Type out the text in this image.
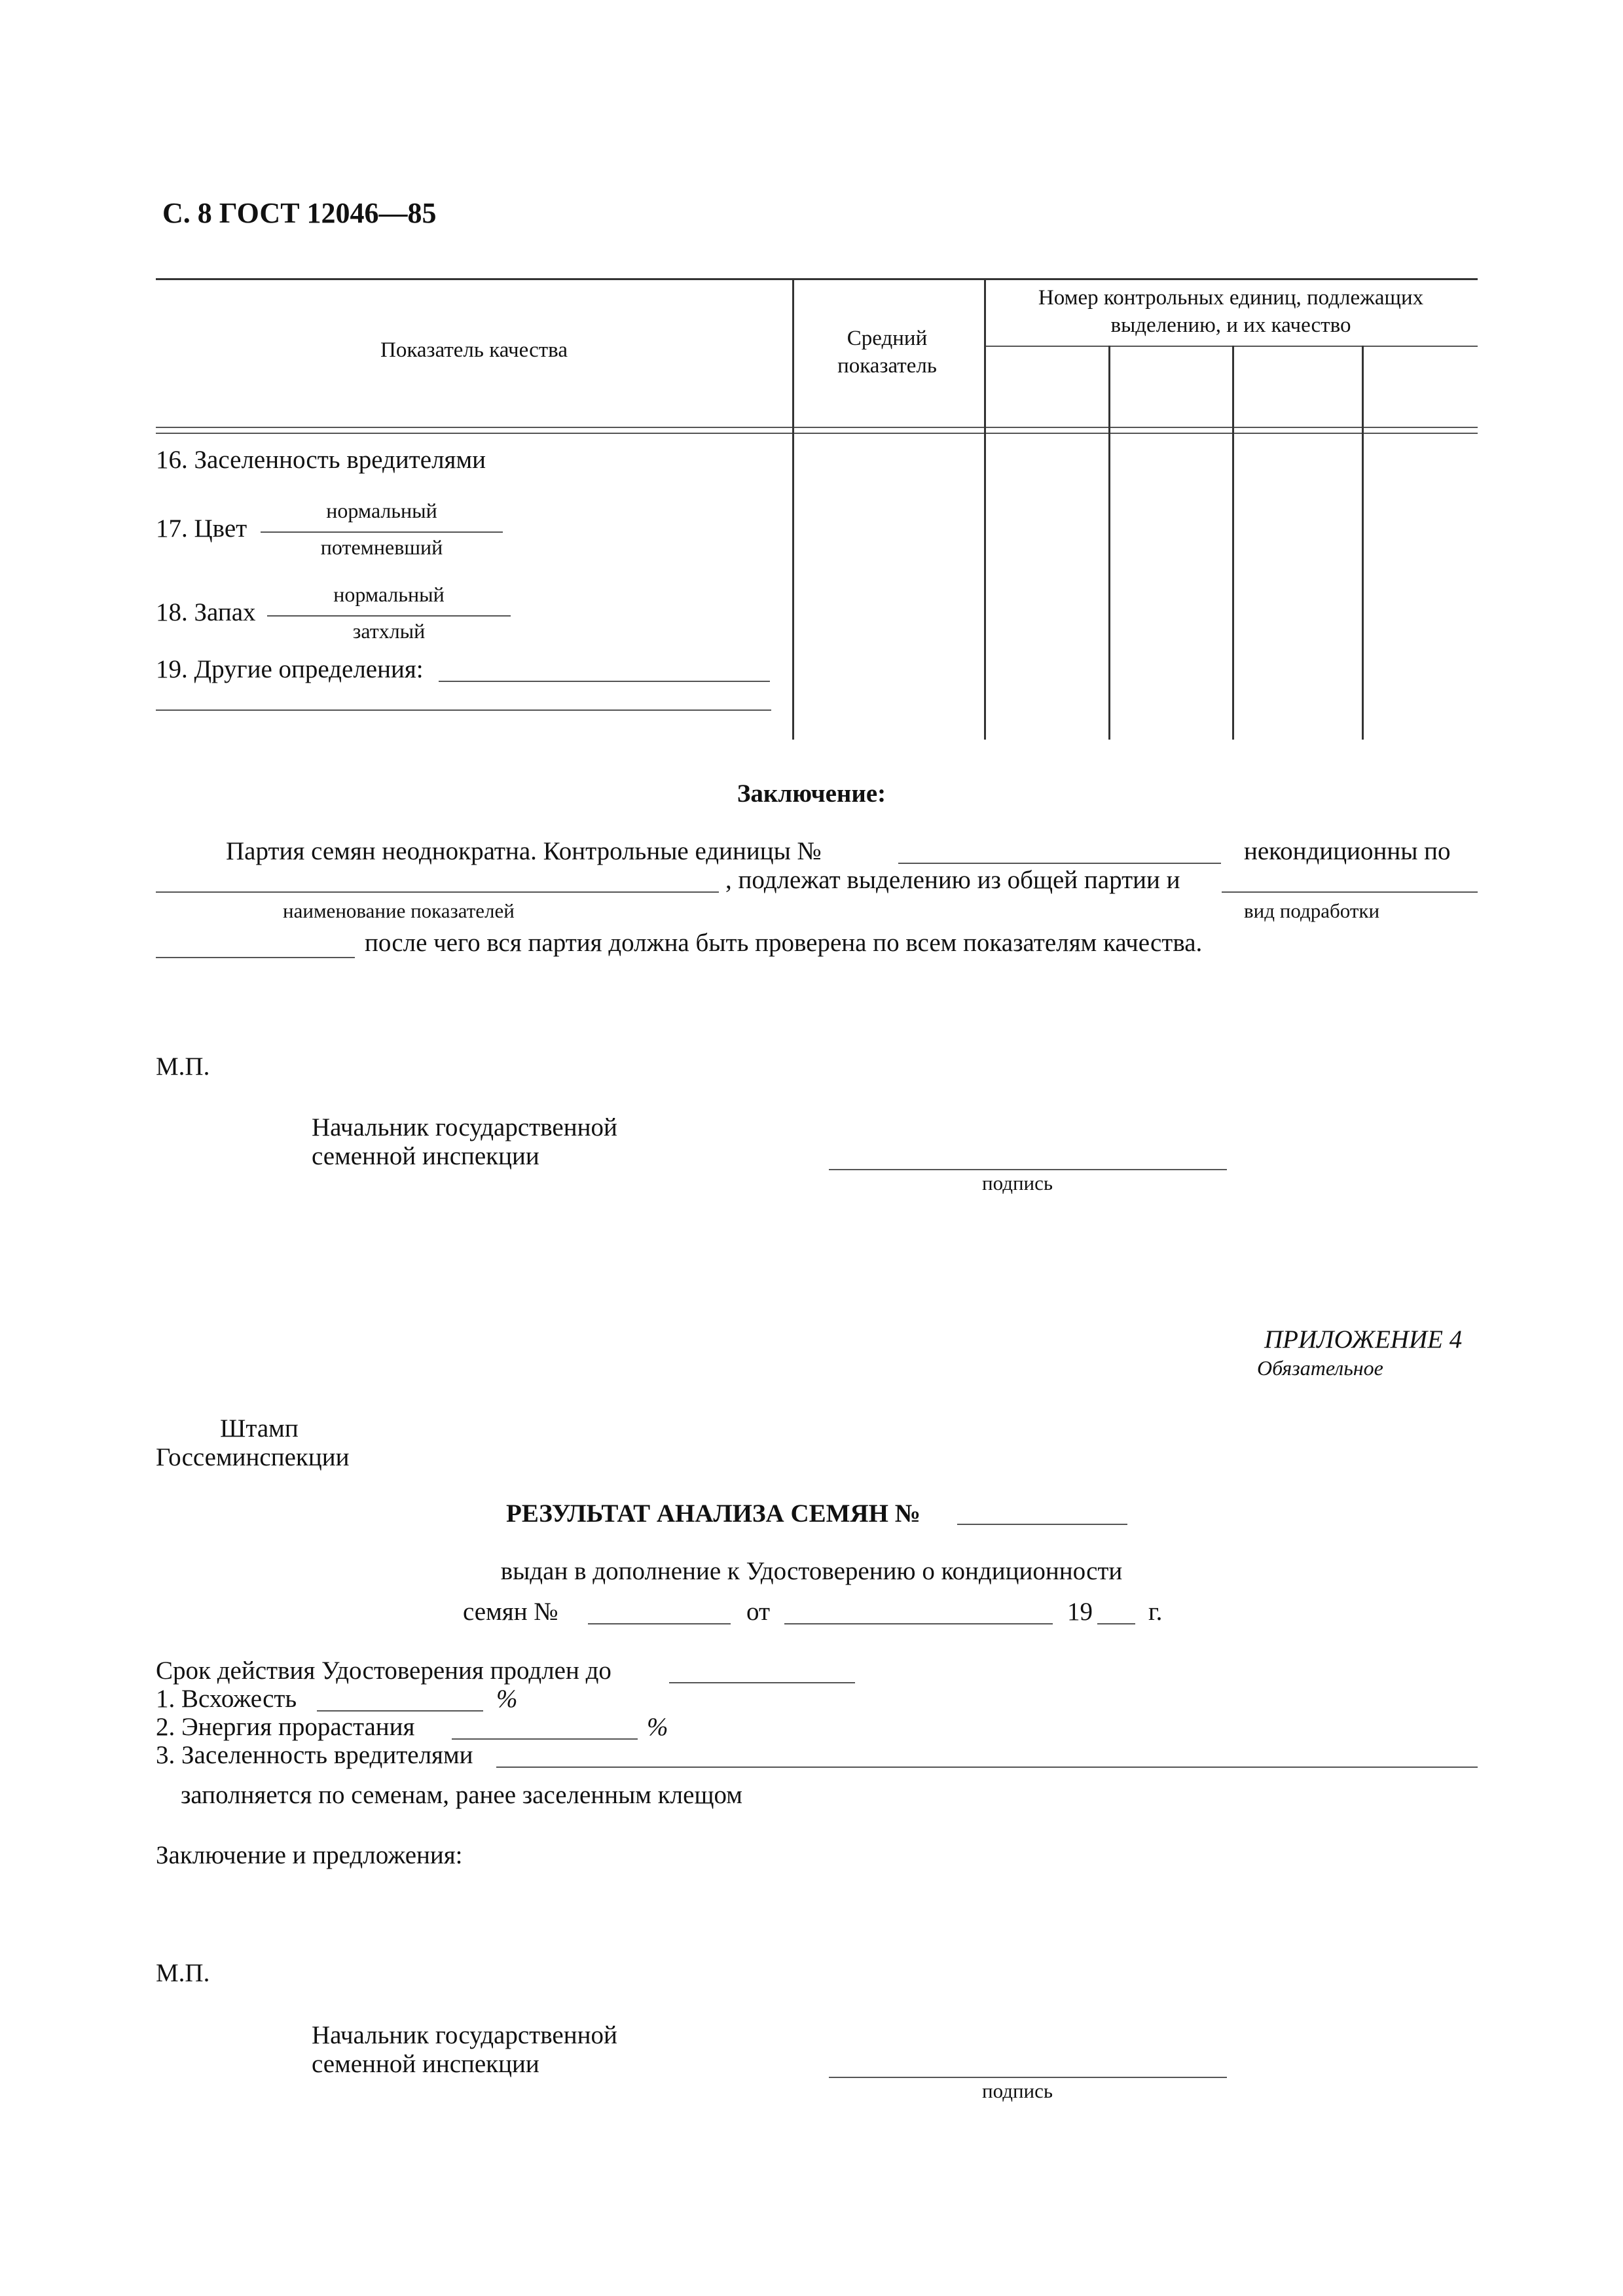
С. 8 ГОСТ 12046—85
Показатель качества	Средний показатель
Номер контрольных единиц, подлежащих выделению, и их качество
16. Заселенность вредителями
17. Цвет
нормальный
потемневший
18. Запах
нормальный
затхлый
19. Другие определения:
Заключение:
Партия семян неоднократна. Контрольные единицы №	некондиционны по
, подлежат выделению из общей партии и
наименование показателей	вид подработки
после чего вся партия должна быть проверена по всем показателям качества.
М.П.
Начальник государственной
семенной инспекции
подпись
ПРИЛОЖЕНИЕ 4
Обязательное
Штамп
Госсеминспекции
РЕЗУЛЬТАТ АНАЛИЗА СЕМЯН №
выдан в дополнение к Удостоверению о кондиционности
семян №	от	19 г.
Срок действия Удостоверения продлен до
1. Всхожесть	%
2. Энергия прорастания	%
3. Заселенность вредителями
заполняется по семенам, ранее заселенным клещом
Заключение и предложения:
М.П.
Начальник государственной
семенной инспекции
подпись
